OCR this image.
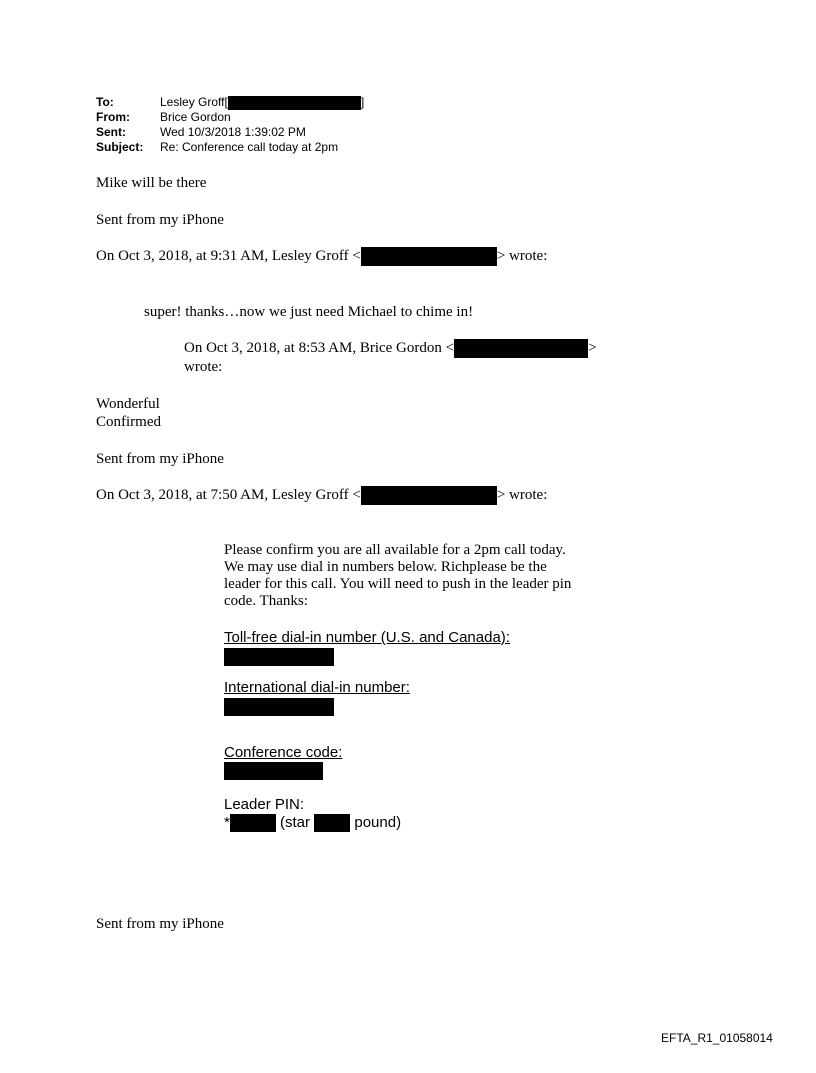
To:	Lesley Groff[	]
From:	Brice Gordon
Sent:	Wed 10/3/2018 1:39:02 PM
Subject:	Re: Conference call today at 2pm
Mike will be there
Sent from my iPhone
On Oct 3, 2018, at 9:31 AM, Lesley Groff <	> wrote:
super! thanks…now we just need Michael to chime in!
On Oct 3, 2018, at 8:53 AM, Brice Gordon <	>
wrote:
Wonderful
Confirmed
Sent from my iPhone
On Oct 3, 2018, at 7:50 AM, Lesley Groff <	> wrote:
Please confirm you are all available for a 2pm call today.
We may use dial in numbers below. Richplease be the
leader for this call. You will need to push in the leader pin
code. Thanks:
Toll-free dial-in number (U.S. and Canada):
International dial-in number:
Conference code:
Leader PIN:
*	(star	pound)
Sent from my iPhone
EFTA_R1_01058014
